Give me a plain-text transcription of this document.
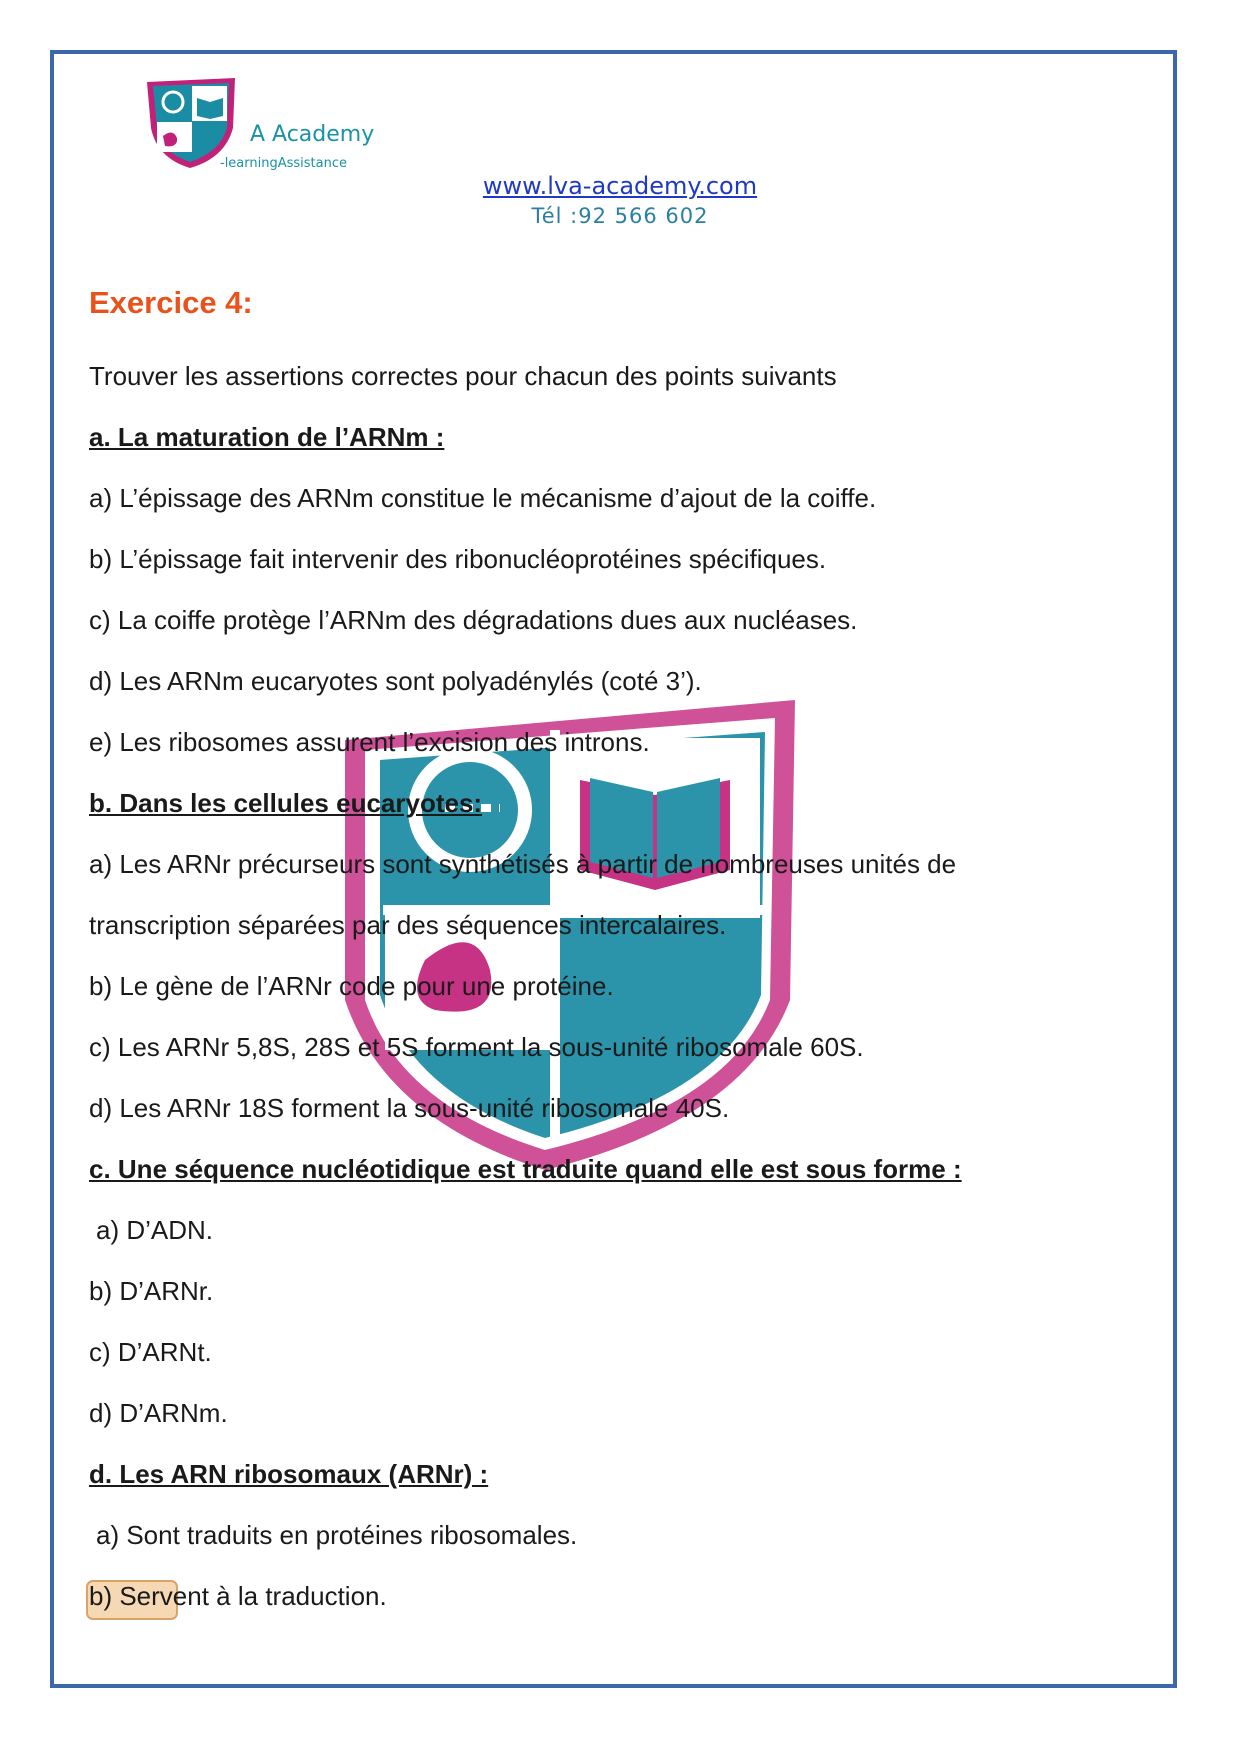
A Academy
-learningAssistance
www.lva-academy.com
Tél :92 566 602
Exercice 4:
Trouver les assertions correctes pour chacun des points suivants
a. La maturation de l’ARNm :
a) L’épissage des ARNm constitue le mécanisme d’ajout de la coiffe.
b) L’épissage fait intervenir des ribonucléoprotéines spécifiques.
c) La coiffe protège l’ARNm des dégradations dues aux nucléases.
d) Les ARNm eucaryotes sont polyadénylés (coté 3’).
e) Les ribosomes assurent l’excision des introns.
b. Dans les cellules eucaryotes:
a) Les ARNr précurseurs sont synthétisés à partir de nombreuses unités de
transcription séparées par des séquences intercalaires.
b) Le gène de l’ARNr code pour une protéine.
c) Les ARNr 5,8S, 28S et 5S forment la sous-unité ribosomale 60S.
d) Les ARNr 18S forment la sous-unité ribosomale 40S.
c. Une séquence nucléotidique est traduite quand elle est sous forme :
a) D’ADN.
b) D’ARNr.
c) D’ARNt.
d) D’ARNm.
d. Les ARN ribosomaux (ARNr) :
a) Sont traduits en protéines ribosomales.
b) Servent à la traduction.
